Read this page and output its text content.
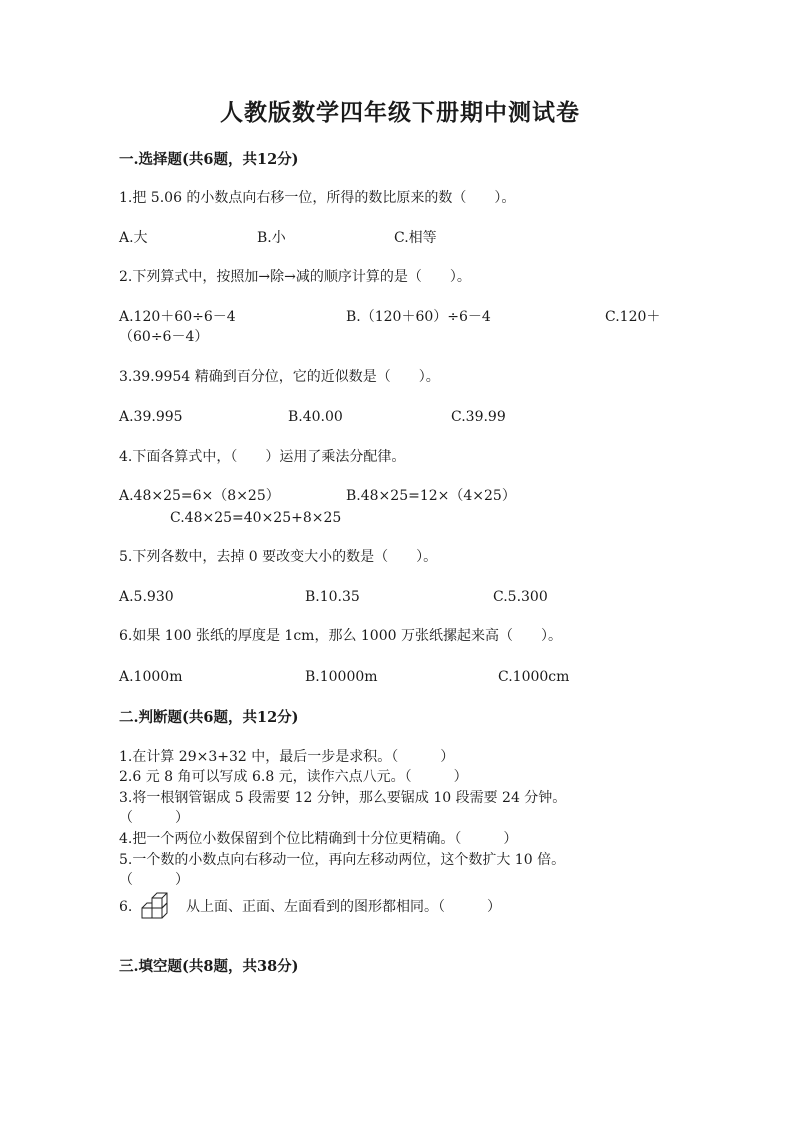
人教版数学四年级下册期中测试卷
一.选择题(共6题，共12分)
1.把 5.06 的小数点向右移一位，所得的数比原来的数（　　）。
A.大	B.小	C.相等
2.下列算式中，按照加→除→减的顺序计算的是（　　）。
A.120＋60÷6－4	B.（120＋60）÷6－4	C.120＋
（60÷6－4）
3.39.9954 精确到百分位，它的近似数是（　　）。
A.39.995	B.40.00	C.39.99
4.下面各算式中，（　　）运用了乘法分配律。
A.48×25=6×（8×25）	B.48×25=12×（4×25）
C.48×25=40×25+8×25
5.下列各数中，去掉 0 要改变大小的数是（　　）。
A.5.930	B.10.35	C.5.300
6.如果 100 张纸的厚度是 1cm，那么 1000 万张纸摞起来高（　　）。
A.1000m	B.10000m	C.1000cm
二.判断题(共6题，共12分)
1.在计算 29×3+32 中，最后一步是求积。（　　　）
2.6 元 8 角可以写成 6.8 元，读作六点八元。（　　　）
3.将一根钢管锯成 5 段需要 12 分钟，那么要锯成 10 段需要 24 分钟。
（　　　）
4.把一个两位小数保留到个位比精确到十分位更精确。（　　　）
5.一个数的小数点向右移动一位，再向左移动两位，这个数扩大 10 倍。
（　　　）
6.	从上面、正面、左面看到的图形都相同。（　　　）
三.填空题(共8题，共38分)
